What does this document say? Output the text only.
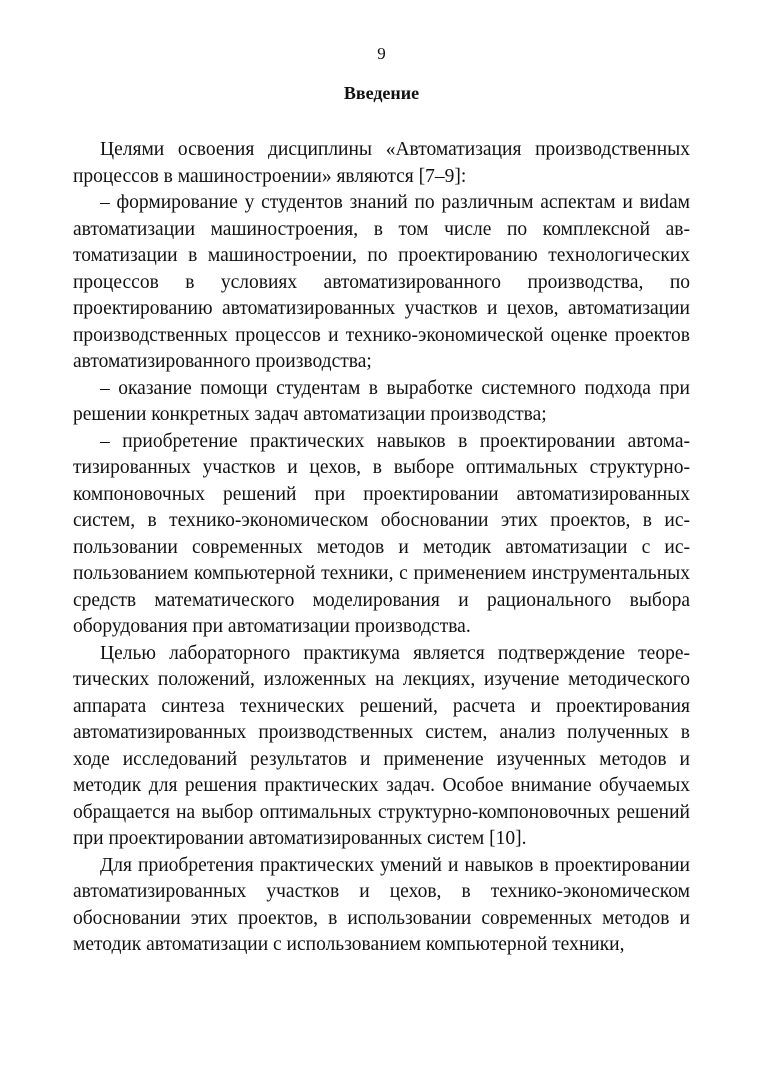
9
Введение

Целями освоения дисциплины «Автоматизация производственных процессов в машиностроении» являются [7–9]:

– формирование у студентов знаний по различным аспектам и виdам автоматизации машиностроения, в том числе по комплексной автоматизации в машиностроении, по проектированию технологических процессов в условиях автоматизированного производства, по проектированию автоматизированных участков и цехов, автоматизации производственных процессов и технико-экономической оценке проектов автоматизированного производства;

– оказание помощи студентам в выработке системного подхода при решении конкретных задач автоматизации производства;

– приобретение практических навыков в проектировании автоматизированных участков и цехов, в выборе оптимальных структурно-компоновочных решений при проектировании автоматизированных систем, в технико-экономическом обосновании этих проектов, в использовании современных методов и методик автоматизации с использованием компьютерной техники, с применением инструментальных средств математического моделирования и рационального выбора оборудования при автоматизации производства.

Целью лабораторного практикума является подтверждение теоретических положений, изложенных на лекциях, изучение методического аппарата синтеза технических решений, расчета и проектирования автоматизированных производственных систем, анализ полученных в ходе исследований результатов и применение изученных методов и методик для решения практических задач. Особое внимание обучаемых обращается на выбор оптимальных структурно-компоновочных решений при проектировании автоматизированных систем [10].

Для приобретения практических умений и навыков в проектировании автоматизированных участков и цехов, в технико-экономическом обосновании этих проектов, в использовании современных методов и методик автоматизации с использованием компьютерной техники,
